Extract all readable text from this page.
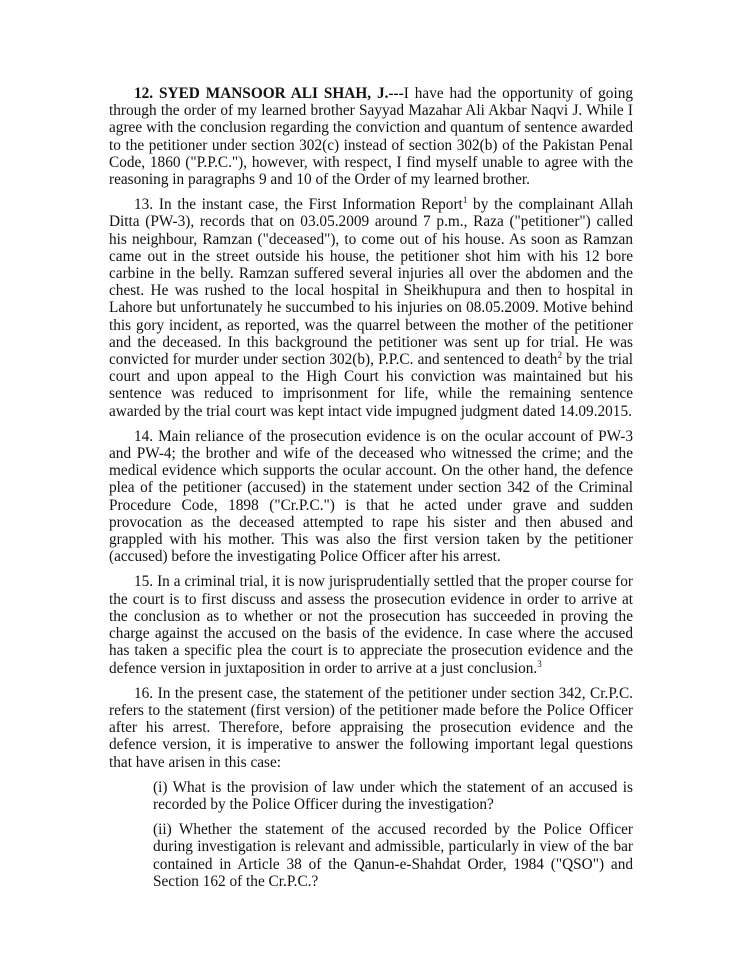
12. SYED MANSOOR ALI SHAH, J.---I have had the opportunity of going through the order of my learned brother Sayyad Mazahar Ali Akbar Naqvi J. While I agree with the conclusion regarding the conviction and quantum of sentence awarded to the petitioner under section 302(c) instead of section 302(b) of the Pakistan Penal Code, 1860 ("P.P.C."), however, with respect, I find myself unable to agree with the reasoning in paragraphs 9 and 10 of the Order of my learned brother.

13. In the instant case, the First Information Report$^1$ by the complainant Allah Ditta (PW-3), records that on 03.05.2009 around 7 p.m., Raza ("petitioner") called his neighbour, Ramzan ("deceased"), to come out of his house. As soon as Ramzan came out in the street outside his house, the petitioner shot him with his 12 bore carbine in the belly. Ramzan suffered several injuries all over the abdomen and the chest. He was rushed to the local hospital in Sheikhupura and then to hospital in Lahore but unfortunately he succumbed to his injuries on 08.05.2009. Motive behind this gory incident, as reported, was the quarrel between the mother of the petitioner and the deceased. In this background the petitioner was sent up for trial. He was convicted for murder under section 302(b), P.P.C. and sentenced to death$^2$ by the trial court and upon appeal to the High Court his conviction was maintained but his sentence was reduced to imprisonment for life, while the remaining sentence awarded by the trial court was kept intact vide impugned judgment dated 14.09.2015.

14. Main reliance of the prosecution evidence is on the ocular account of PW-3 and PW-4; the brother and wife of the deceased who witnessed the crime; and the medical evidence which supports the ocular account. On the other hand, the defence plea of the petitioner (accused) in the statement under section 342 of the Criminal Procedure Code, 1898 ("Cr.P.C.") is that he acted under grave and sudden provocation as the deceased attempted to rape his sister and then abused and grappled with his mother. This was also the first version taken by the petitioner (accused) before the investigating Police Officer after his arrest.

15. In a criminal trial, it is now jurisprudentially settled that the proper course for the court is to first discuss and assess the prosecution evidence in order to arrive at the conclusion as to whether or not the prosecution has succeeded in proving the charge against the accused on the basis of the evidence. In case where the accused has taken a specific plea the court is to appreciate the prosecution evidence and the defence version in juxtaposition in order to arrive at a just conclusion.$^3$

16. In the present case, the statement of the petitioner under section 342, Cr.P.C. refers to the statement (first version) of the petitioner made before the Police Officer after his arrest. Therefore, before appraising the prosecution evidence and the defence version, it is imperative to answer the following important legal questions that have arisen in this case:

(i) What is the provision of law under which the statement of an accused is recorded by the Police Officer during the investigation?

(ii) Whether the statement of the accused recorded by the Police Officer during investigation is relevant and admissible, particularly in view of the bar contained in Article 38 of the Qanun-e-Shahdat Order, 1984 ("QSO") and Section 162 of the Cr.P.C.?
